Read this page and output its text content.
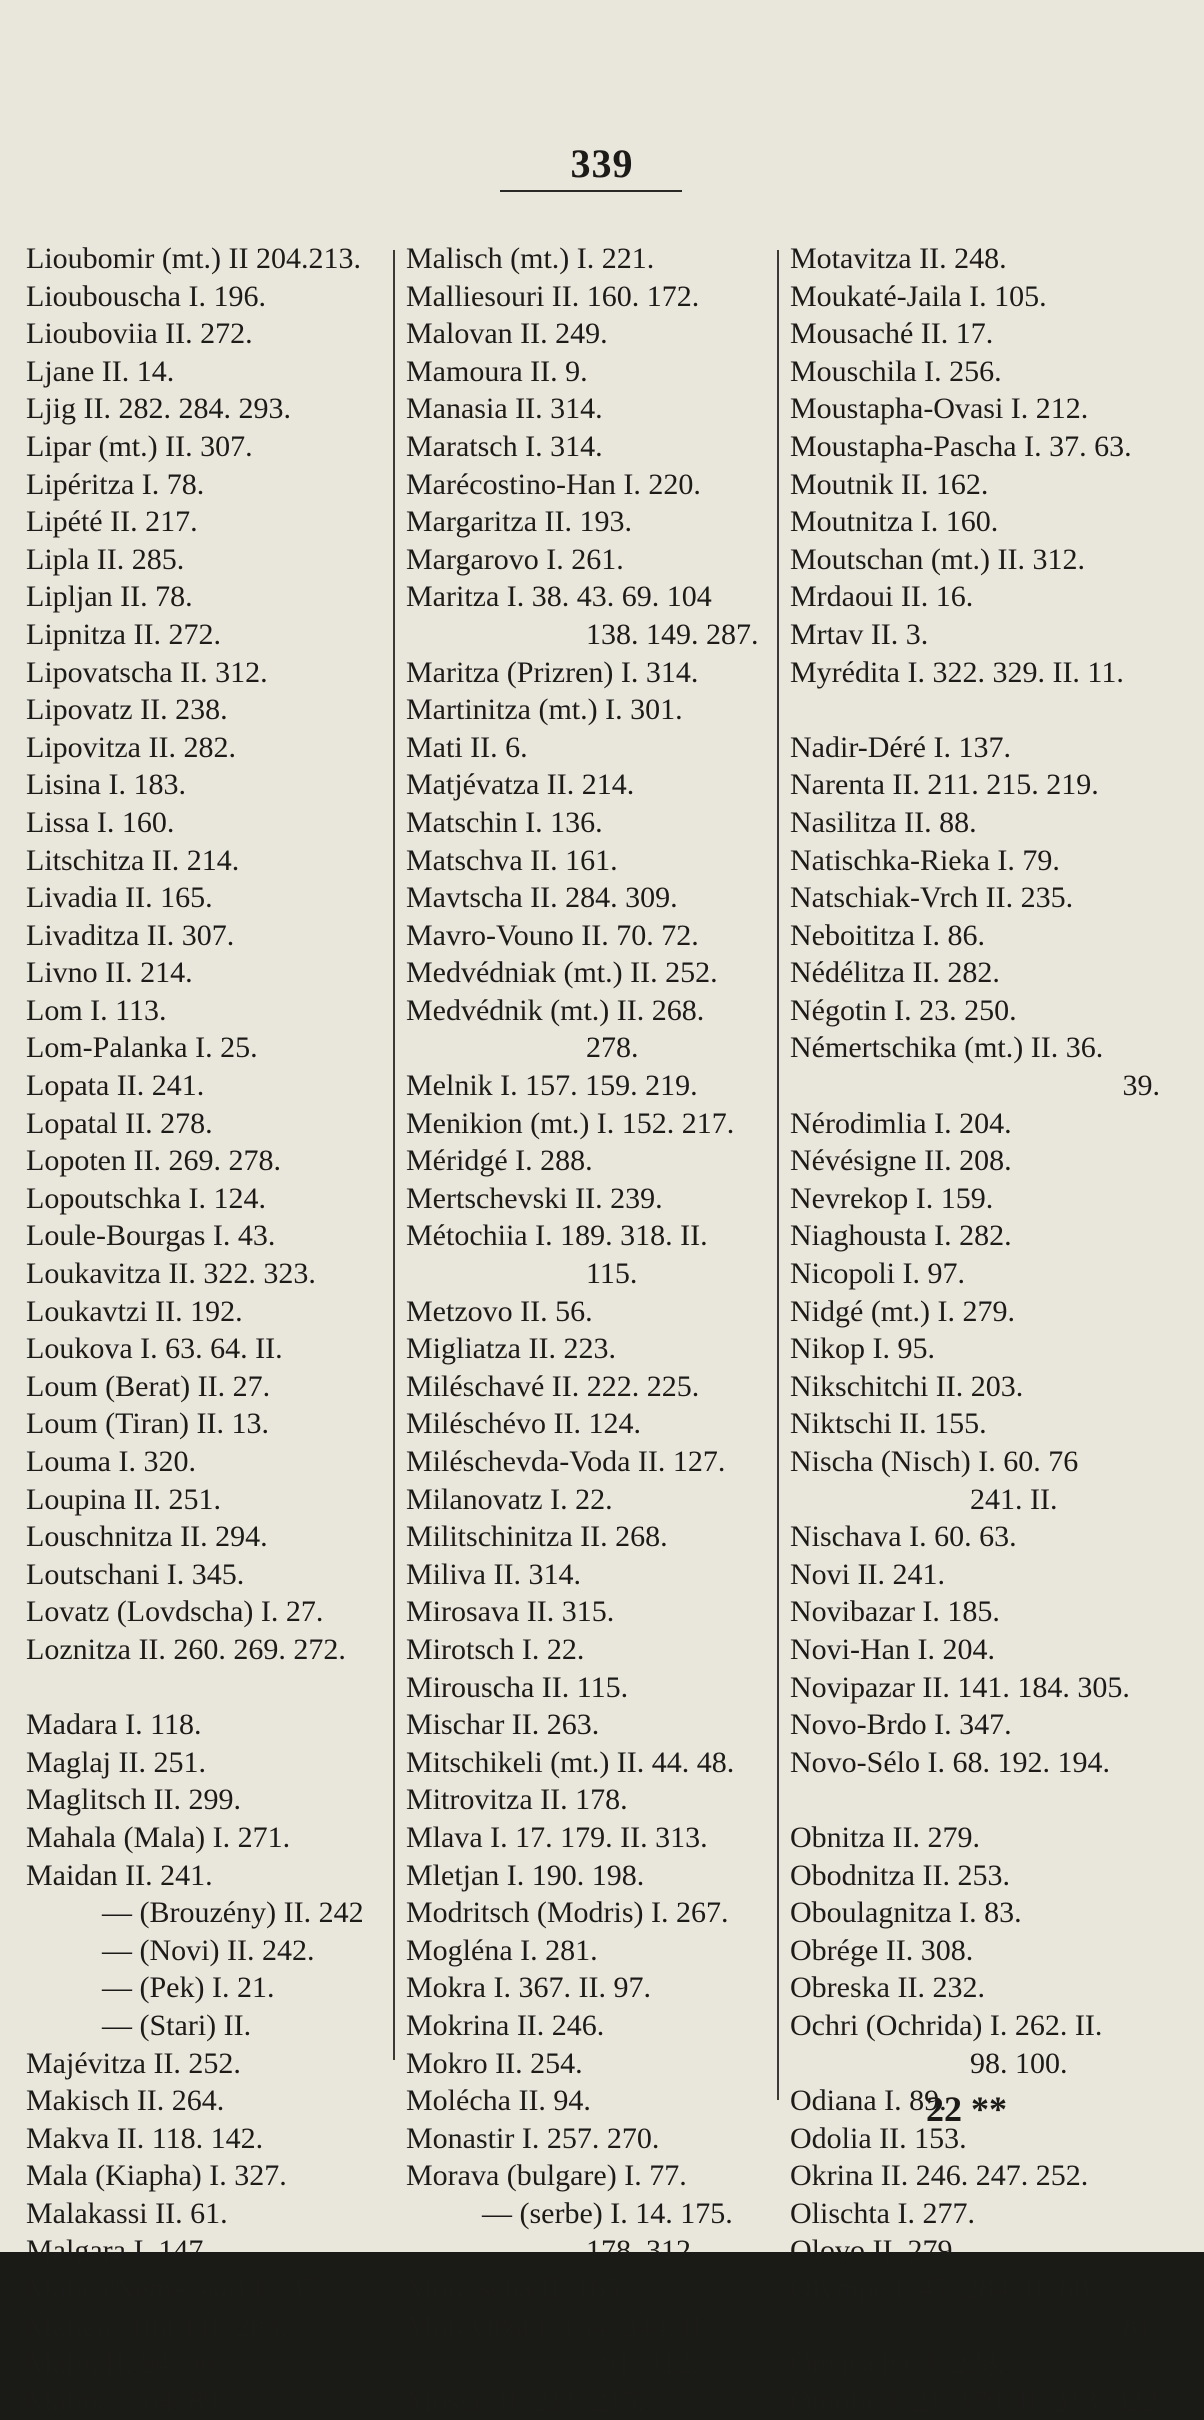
339
Lioubomir (mt.) II 204.213.
Lioubouscha I. 196.
Liouboviia II. 272.
Ljane II. 14.
Ljig II. 282. 284. 293.
Lipar (mt.) II. 307.
Lipéritza I. 78.
Lipété II. 217.
Lipla II. 285.
Lipljan II. 78.
Lipnitza II. 272.
Lipovatscha II. 312.
Lipovatz II. 238.
Lipovitza II. 282.
Lisina I. 183.
Lissa I. 160.
Litschitza II. 214.
Livadia II. 165.
Livaditza II. 307.
Livno II. 214.
Lom I. 113.
Lom-Palanka I. 25.
Lopata II. 241.
Lopatal II. 278.
Lopoten II. 269. 278.
Lopoutschka I. 124.
Loule-Bourgas I. 43.
Loukavitza II. 322. 323.
Loukavtzi II. 192.
Loukova I. 63. 64. II.
Loum (Berat) II. 27.
Loum (Tiran) II. 13.
Louma I. 320.
Loupina II. 251.
Louschnitza II. 294.
Loutschani I. 345.
Lovatz (Lovdscha) I. 27.
Loznitza II. 260. 269. 272.
Madara I. 118.
Maglaj II. 251.
Maglitsch II. 299.
Mahala (Mala) I. 271.
Maidan II. 241.
— (Brouzény) II. 242
— (Novi) II. 242.
— (Pek) I. 21.
— (Stari) II.
Majévitza II. 252.
Makisch II. 264.
Makva II. 118. 142.
Mala (Kiapha) I. 327.
Malakassi II. 61.
Malgara I. 147.
Malia (Nemerska) II. 37.
Malieno (mt.) II. 283.
Malik II. 94. 96.
Malina I. 64. 89.
Malisch (mt.) I. 221.
Malliesouri II. 160. 172.
Malovan II. 249.
Mamoura II. 9.
Manasia II. 314.
Maratsch I. 314.
Marécostino-Han I. 220.
Margaritza II. 193.
Margarovo I. 261.
Maritza I. 38. 43. 69. 104
138. 149. 287.
Maritza (Prizren) I. 314.
Martinitza (mt.) I. 301.
Mati II. 6.
Matjévatza II. 214.
Matschin I. 136.
Matschva II. 161.
Mavtscha II. 284. 309.
Mavro-Vouno II. 70. 72.
Medvédniak (mt.) II. 252.
Medvédnik (mt.) II. 268.
278.
Melnik I. 157. 159. 219.
Menikion (mt.) I. 152. 217.
Méridgé I. 288.
Mertschevski II. 239.
Métochiia I. 189. 318. II.
115.
Metzovo II. 56.
Migliatza II. 223.
Miléschavé II. 222. 225.
Miléschévo II. 124.
Miléschevda-Voda II. 127.
Milanovatz I. 22.
Militschinitza II. 268.
Miliva II. 314.
Mirosava II. 315.
Mirotsch I. 22.
Mirouscha II. 115.
Mischar II. 263.
Mitschikeli (mt.) II. 44. 48.
Mitrovitza II. 178.
Mlava I. 17. 179. II. 313.
Mletjan I. 190. 198.
Modritsch (Modris) I. 267.
Mogléna I. 281.
Mokra I. 367. II. 97.
Mokrina II. 246.
Mokro II. 254.
Molécha II. 94.
Monastir I. 257. 270.
Morava (bulgare) I. 77.
— (serbe) I. 14. 175.
178. 312.
Moratscha II. 165.
Moravitza I. 184. 344. II.
301. 312.
Mostar II. 211. 215.
Motavitza II. 248.
Moukaté-Jaila I. 105.
Mousaché II. 17.
Mouschila I. 256.
Moustapha-Ovasi I. 212.
Moustapha-Pascha I. 37. 63.
Moutnik II. 162.
Moutnitza I. 160.
Moutschan (mt.) II. 312.
Mrdaoui II. 16.
Mrtav II. 3.
Myrédita I. 322. 329. II. 11.
Nadir-Déré I. 137.
Narenta II. 211. 215. 219.
Nasilitza II. 88.
Natischka-Rieka I. 79.
Natschiak-Vrch II. 235.
Neboititza I. 86.
Nédélitza II. 282.
Négotin I. 23. 250.
Némertschika (mt.) II. 36.
39.
Nérodimlia I. 204.
Névésigne II. 208.
Nevrekop I. 159.
Niaghousta I. 282.
Nicopoli I. 97.
Nidgé (mt.) I. 279.
Nikop I. 95.
Nikschitchi II. 203.
Niktschi II. 155.
Nischa (Nisch) I. 60. 76
241. II.
Nischava I. 60. 63.
Novi II. 241.
Novibazar I. 185.
Novi-Han I. 204.
Novipazar II. 141. 184. 305.
Novo-Brdo I. 347.
Novo-Sélo I. 68. 192. 194.
Obnitza II. 279.
Obodnitza II. 253.
Oboulagnitza I. 83.
Obrége II. 308.
Obreska II. 232.
Ochri (Ochrida) I. 262. II.
98. 100.
Odiana I. 89.
Odolia II. 153.
Okrina II. 246. 247. 252.
Olischta I. 277.
Olovo II. 279.
Olympe I. 47. 284. II. 60.
81.
Omatscha II. 238.
Omolie I. 21. 179. II. 313. 322.
22 **
